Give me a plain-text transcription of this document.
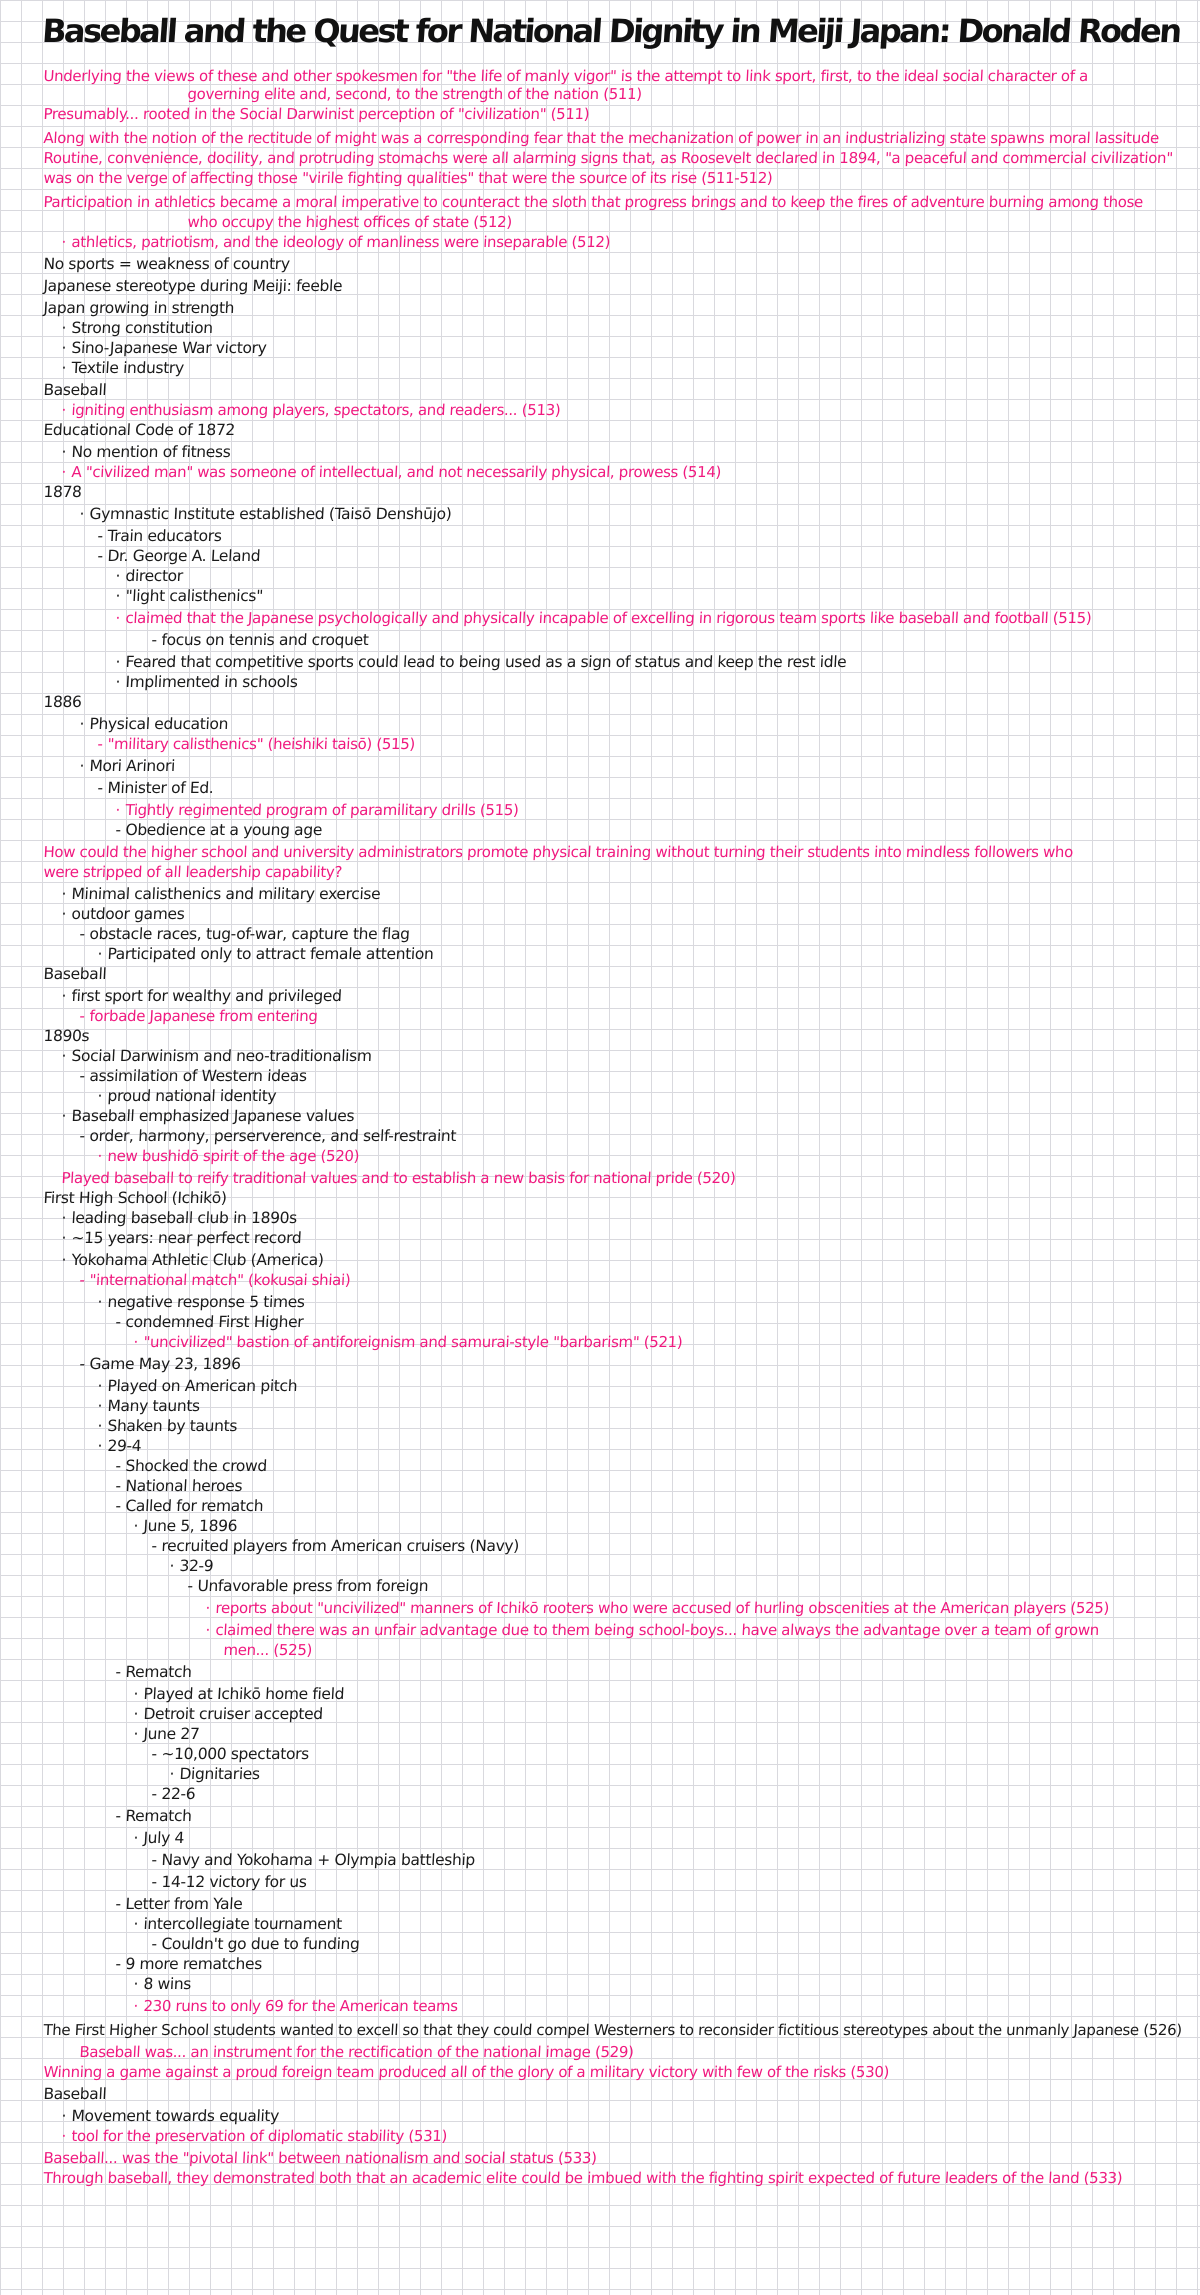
Baseball and the Quest for National Dignity in Meiji Japan: Donald Roden
Underlying the views of these and other spokesmen for "the life of manly vigor" is the attempt to link sport, first, to the ideal social character of a
governing elite and, second, to the strength of the nation (511)
Presumably... rooted in the Social Darwinist perception of "civilization" (511)
Along with the notion of the rectitude of might was a corresponding fear that the mechanization of power in an industrializing state spawns moral lassitude
Routine, convenience, docility, and protruding stomachs were all alarming signs that, as Roosevelt declared in 1894, "a peaceful and commercial civilization"
was on the verge of affecting those "virile fighting qualities" that were the source of its rise (511-512)
Participation in athletics became a moral imperative to counteract the sloth that progress brings and to keep the fires of adventure burning among those
who occupy the highest offices of state (512)
· athletics, patriotism, and the ideology of manliness were inseparable (512)
No sports = weakness of country
Japanese stereotype during Meiji: feeble
Japan growing in strength
· Strong constitution
· Sino-Japanese War victory
· Textile industry
Baseball
· igniting enthusiasm among players, spectators, and readers... (513)
Educational Code of 1872
· No mention of fitness
· A "civilized man" was someone of intellectual, and not necessarily physical, prowess (514)
1878
· Gymnastic Institute established (Taisō Denshūjo)
- Train educators
- Dr. George A. Leland
· director
· "light calisthenics"
· claimed that the Japanese psychologically and physically incapable of excelling in rigorous team sports like baseball and football (515)
- focus on tennis and croquet
· Feared that competitive sports could lead to being used as a sign of status and keep the rest idle
· Implimented in schools
1886
· Physical education
- "military calisthenics" (heishiki taisō) (515)
· Mori Arinori
- Minister of Ed.
· Tightly regimented program of paramilitary drills (515)
- Obedience at a young age
How could the higher school and university administrators promote physical training without turning their students into mindless followers who
were stripped of all leadership capability?
· Minimal calisthenics and military exercise
· outdoor games
- obstacle races, tug-of-war, capture the flag
· Participated only to attract female attention
Baseball
· first sport for wealthy and privileged
- forbade Japanese from entering
1890s
· Social Darwinism and neo-traditionalism
- assimilation of Western ideas
· proud national identity
· Baseball emphasized Japanese values
- order, harmony, perserverence, and self-restraint
· new bushidō spirit of the age (520)
Played baseball to reify traditional values and to establish a new basis for national pride (520)
First High School (Ichikō)
· leading baseball club in 1890s
· ~15 years: near perfect record
· Yokohama Athletic Club (America)
- "international match" (kokusai shiai)
· negative response 5 times
- condemned First Higher
· "uncivilized" bastion of antiforeignism and samurai-style "barbarism" (521)
- Game May 23, 1896
· Played on American pitch
· Many taunts
· Shaken by taunts
· 29-4
- Shocked the crowd
- National heroes
- Called for rematch
· June 5, 1896
- recruited players from American cruisers (Navy)
· 32-9
- Unfavorable press from foreign
· reports about "uncivilized" manners of Ichikō rooters who were accused of hurling obscenities at the American players (525)
· claimed there was an unfair advantage due to them being school-boys... have always the advantage over a team of grown
men... (525)
- Rematch
· Played at Ichikō home field
· Detroit cruiser accepted
· June 27
- ~10,000 spectators
· Dignitaries
- 22-6
- Rematch
· July 4
- Navy and Yokohama + Olympia battleship
- 14-12 victory for us
- Letter from Yale
· intercollegiate tournament
- Couldn't go due to funding
- 9 more rematches
· 8 wins
· 230 runs to only 69 for the American teams
The First Higher School students wanted to excell so that they could compel Westerners to reconsider fictitious stereotypes about the unmanly Japanese (526)
Baseball was... an instrument for the rectification of the national image (529)
Winning a game against a proud foreign team produced all of the glory of a military victory with few of the risks (530)
Baseball
· Movement towards equality
· tool for the preservation of diplomatic stability (531)
Baseball... was the "pivotal link" between nationalism and social status (533)
Through baseball, they demonstrated both that an academic elite could be imbued with the fighting spirit expected of future leaders of the land (533)
